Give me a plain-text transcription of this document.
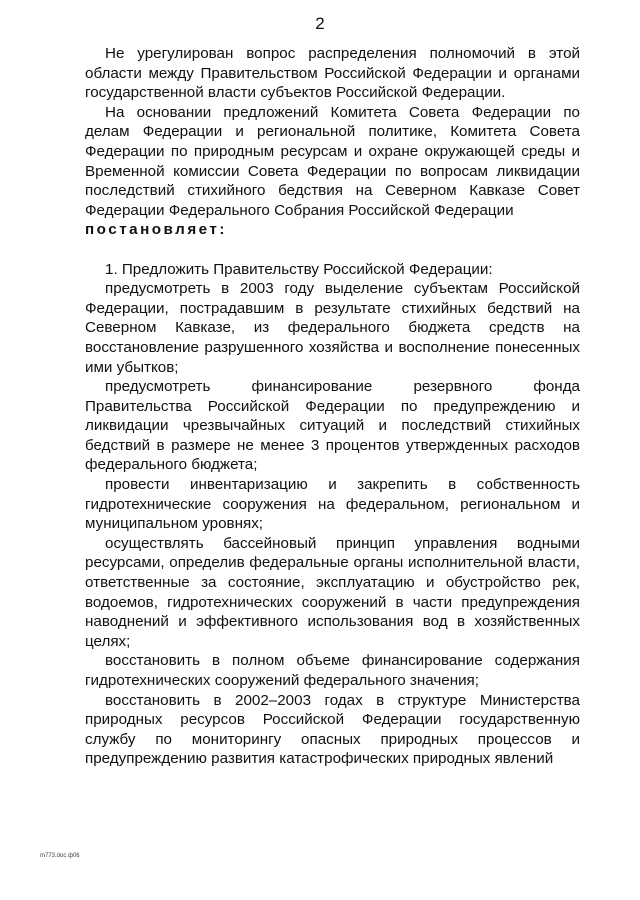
2

Не урегулирован вопрос распределения полномочий в этой области между Правительством Российской Федерации и органами государственной власти субъектов Российской Федерации.

На основании предложений Комитета Совета Федерации по делам Федерации и региональной политике, Комитета Совета Федерации по природным ресурсам и охране окружающей среды и Временной комиссии Совета Федерации по вопросам ликвидации последствий стихийного бедствия на Северном Кавказе Совет Федерации Федерального Собрания Российской Федерации

постановляет:

1. Предложить Правительству Российской Федерации:

предусмотреть в 2003 году выделение субъектам Российской Федерации, пострадавшим в результате стихийных бедствий на Северном Кавказе, из федерального бюджета средств на восстановление разрушенного хозяйства и восполнение понесенных ими убытков;

предусмотреть финансирование резервного фонда Правительства Российской Федерации по предупреждению и ликвидации чрезвычайных ситуаций и последствий стихийных бедствий в размере не менее 3 процентов утвержденных расходов федерального бюджета;

провести инвентаризацию и закрепить в собственность гидротехнические сооружения на федеральном, региональном и муниципальном уровнях;

осуществлять бассейновый принцип управления водными ресурсами, определив федеральные органы исполнительной власти, ответственные за состояние, эксплуатацию и обустройство рек, водоемов, гидротехнических сооружений в части предупреждения наводнений и эффективного использования вод в хозяйственных целях;

восстановить в полном объеме финансирование содержания гидротехнических сооружений федерального значения;

восстановить в 2002–2003 годах в структуре Министерства природных ресурсов Российской Федерации государственную службу по мониторингу опасных природных процессов и предупреждению развития катастрофических природных явлений

m773.doc ф06
